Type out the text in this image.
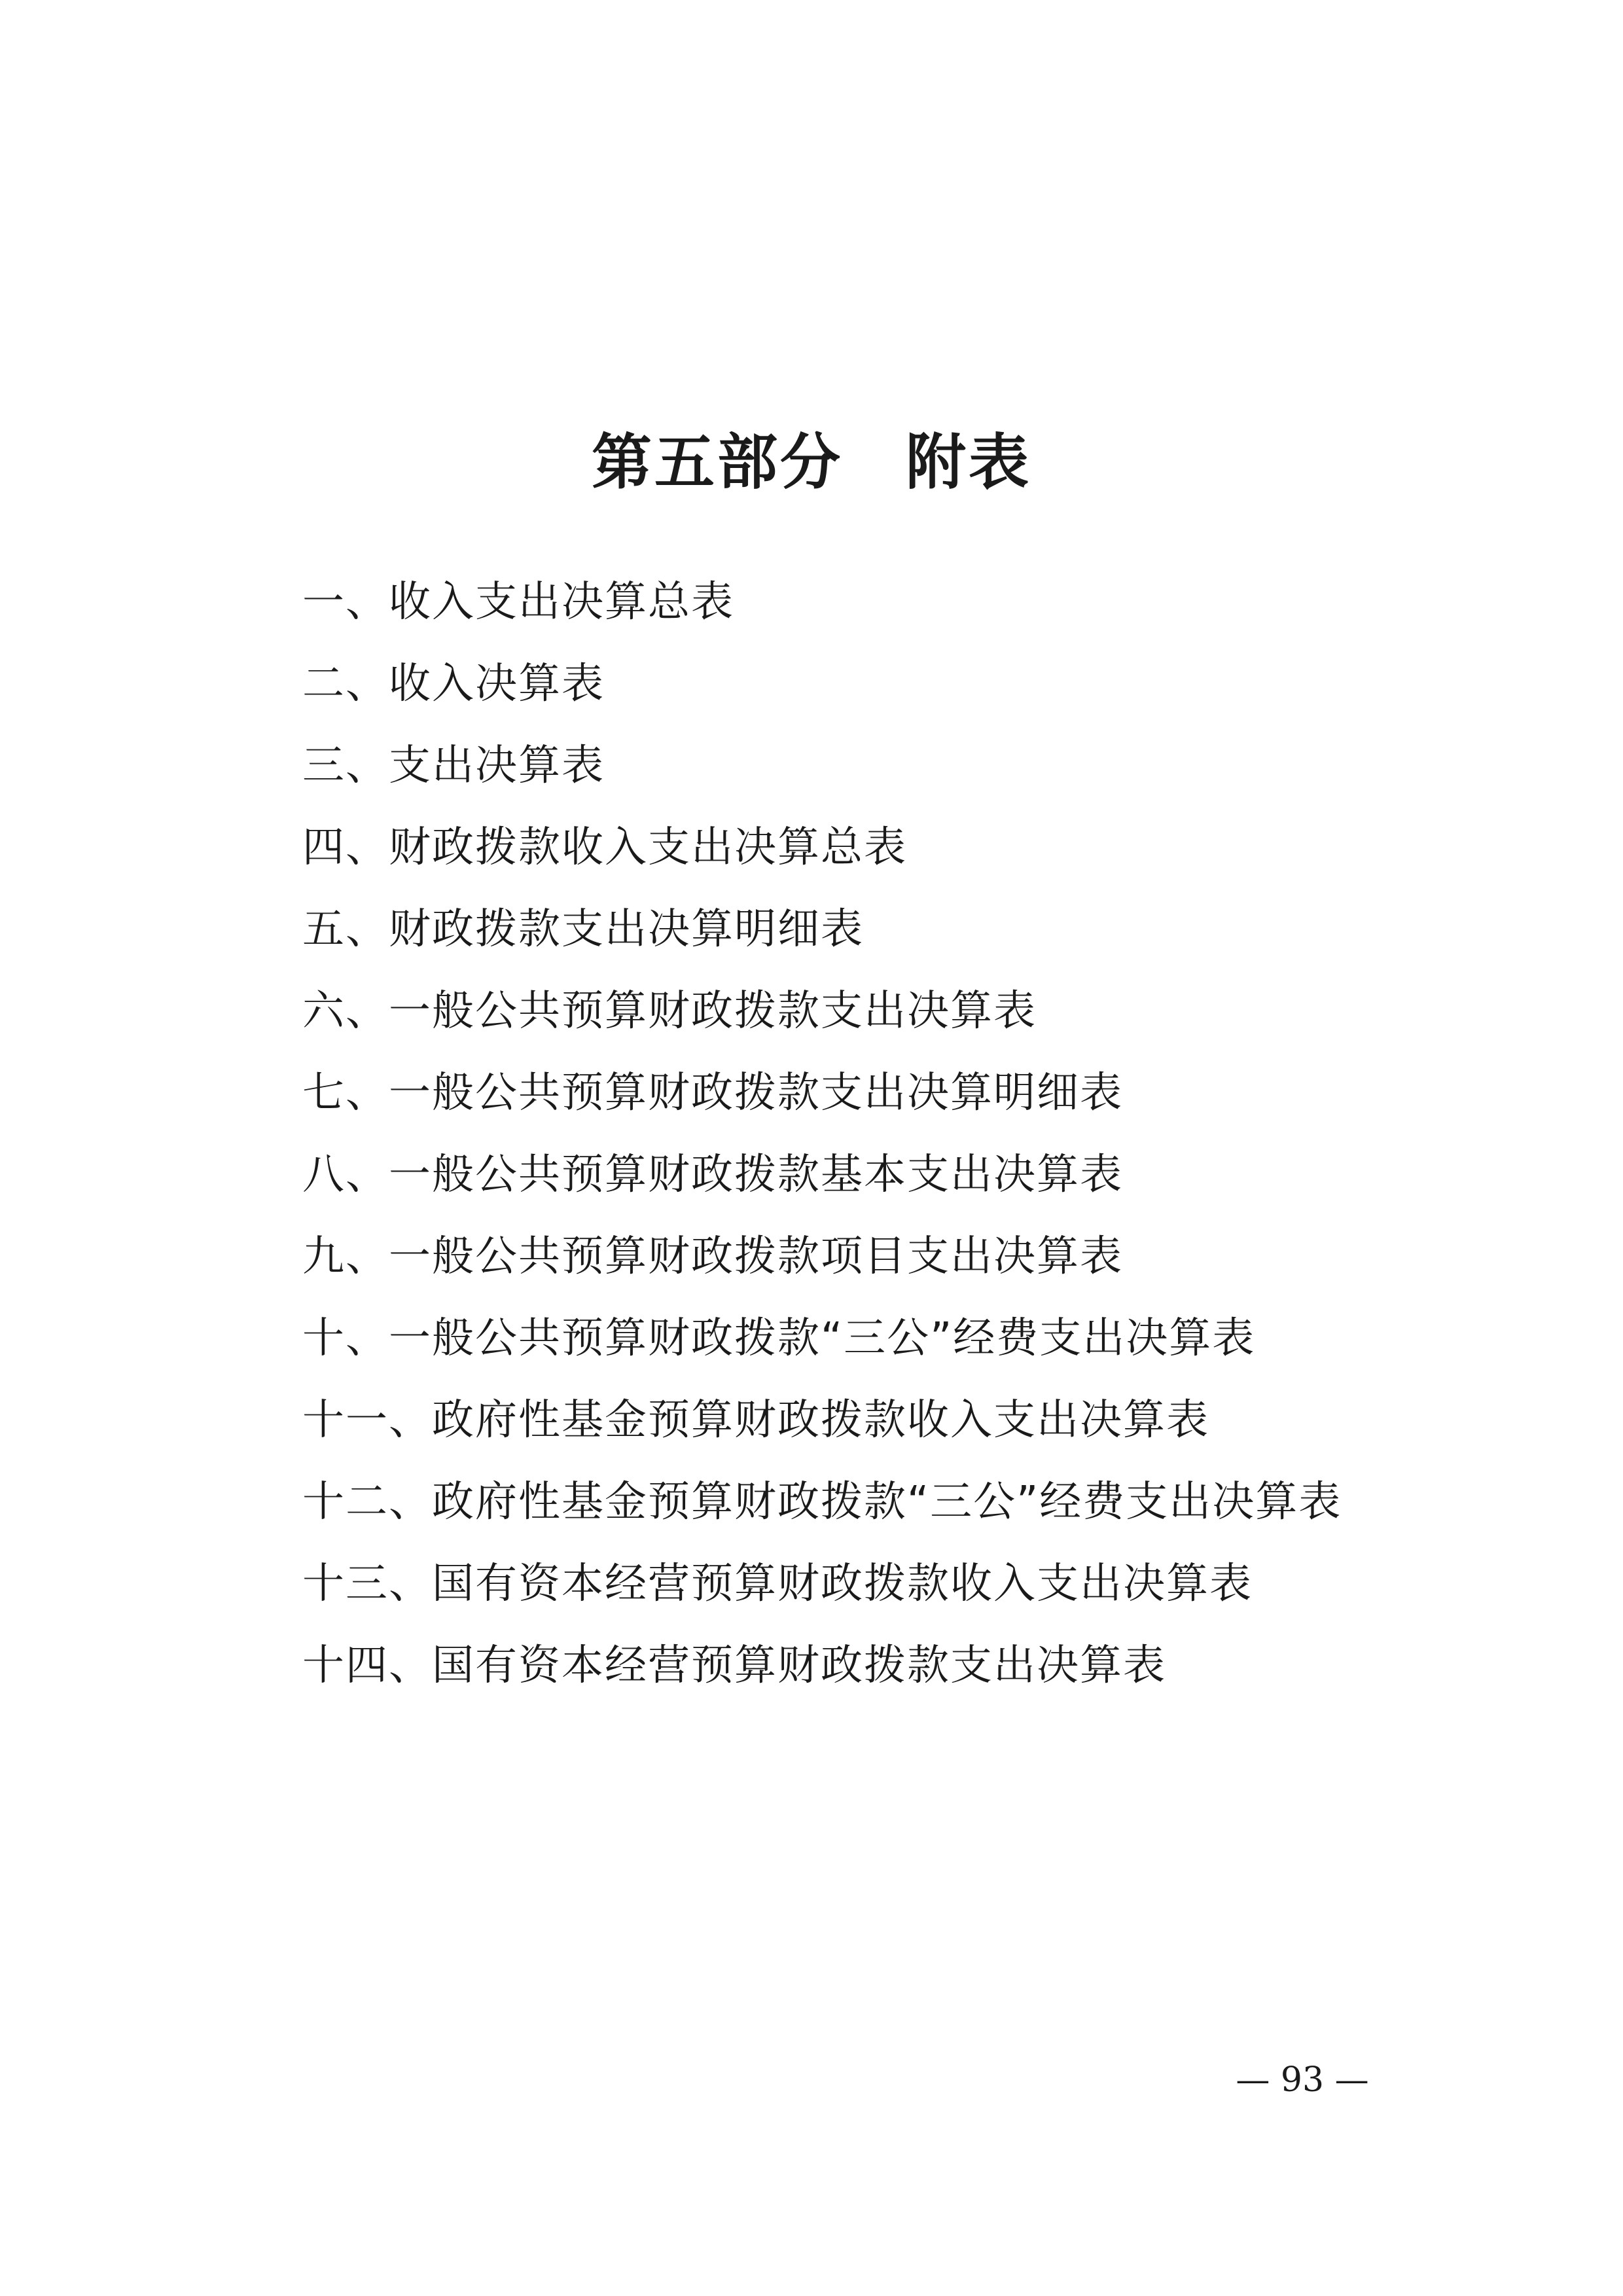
第五部分　附表
一、收入支出决算总表
二、收入决算表
三、支出决算表
四、财政拨款收入支出决算总表
五、财政拨款支出决算明细表
六、一般公共预算财政拨款支出决算表
七、一般公共预算财政拨款支出决算明细表
八、一般公共预算财政拨款基本支出决算表
九、一般公共预算财政拨款项目支出决算表
十、一般公共预算财政拨款“三公”经费支出决算表
十一、政府性基金预算财政拨款收入支出决算表
十二、政府性基金预算财政拨款“三公”经费支出决算表
十三、国有资本经营预算财政拨款收入支出决算表
十四、国有资本经营预算财政拨款支出决算表
— 93 —
